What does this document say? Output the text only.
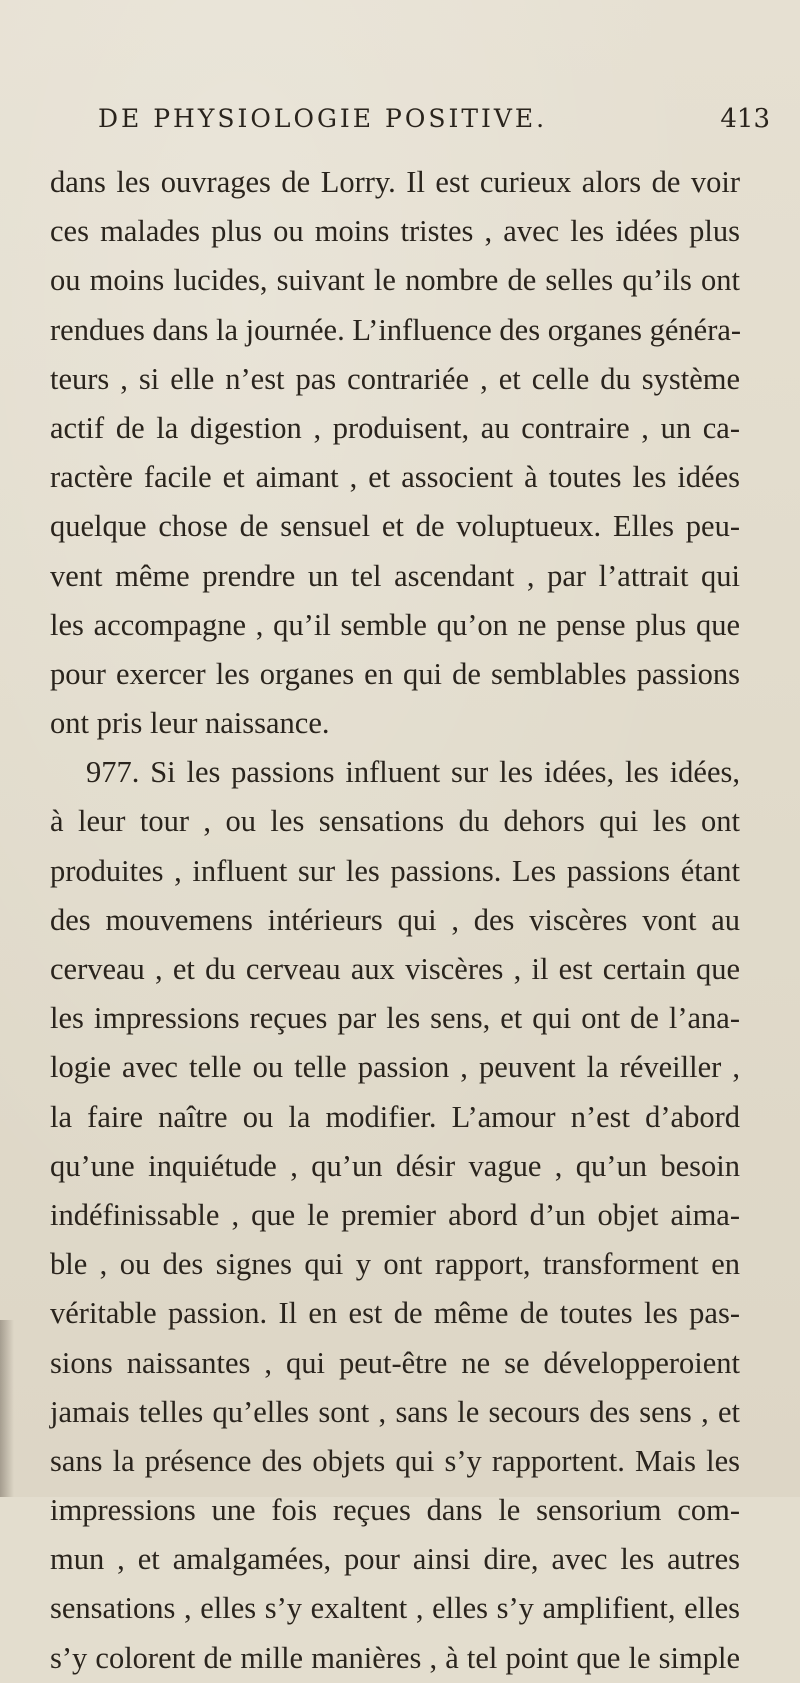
DE PHYSIOLOGIE POSITIVE.	413
dans les ouvrages de Lorry. Il est curieux alors de voir
ces malades plus ou moins tristes , avec les idées plus
ou moins lucides, suivant le nombre de selles qu’ils ont
rendues dans la journée. L’influence des organes généra-
teurs , si elle n’est pas contrariée , et celle du système
actif de la digestion , produisent, au contraire , un ca-
ractère facile et aimant , et associent à toutes les idées
quelque chose de sensuel et de voluptueux. Elles peu-
vent même prendre un tel ascendant , par l’attrait qui
les accompagne , qu’il semble qu’on ne pense plus que
pour exercer les organes en qui de semblables passions
ont pris leur naissance.
977. Si les passions influent sur les idées, les idées,
à leur tour , ou les sensations du dehors qui les ont
produites , influent sur les passions. Les passions étant
des mouvemens intérieurs qui , des viscères vont au
cerveau , et du cerveau aux viscères , il est certain que
les impressions reçues par les sens, et qui ont de l’ana-
logie avec telle ou telle passion , peuvent la réveiller ,
la faire naître ou la modifier. L’amour n’est d’abord
qu’une inquiétude , qu’un désir vague , qu’un besoin
indéfinissable , que le premier abord d’un objet aima-
ble , ou des signes qui y ont rapport, transforment en
véritable passion. Il en est de même de toutes les pas-
sions naissantes , qui peut-être ne se développeroient
jamais telles qu’elles sont , sans le secours des sens , et
sans la présence des objets qui s’y rapportent. Mais les
impressions une fois reçues dans le sensorium com-
mun , et amalgamées, pour ainsi dire, avec les autres
sensations , elles s’y exaltent , elles s’y amplifient, elles
s’y colorent de mille manières , à tel point que le simple
